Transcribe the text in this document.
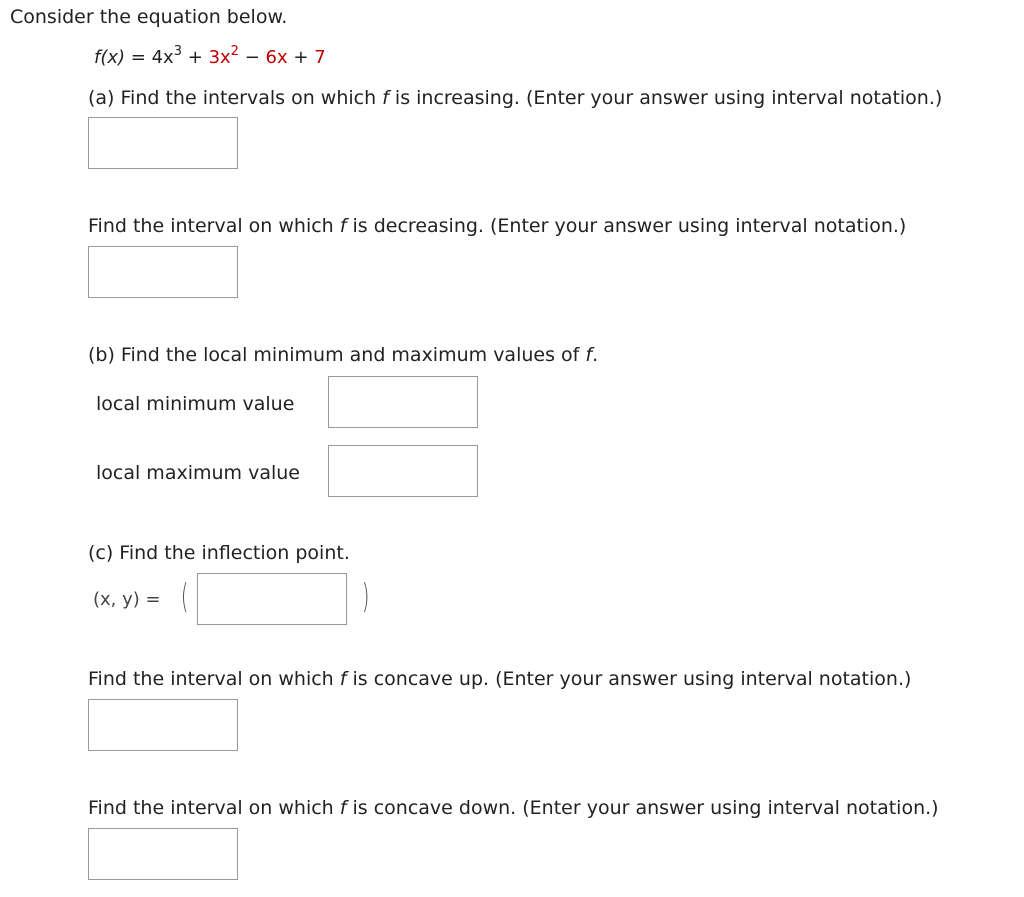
Consider the equation below.
$f(x) = 4x^3 + 3x^2 - 6x + 7$
(a) Find the intervals on which f is increasing. (Enter your answer using interval notation.)
Find the interval on which f is decreasing. (Enter your answer using interval notation.)
(b) Find the local minimum and maximum values of f.
local minimum value
local maximum value
(c) Find the inflection point.
(x, y) = (	)
Find the interval on which f is concave up. (Enter your answer using interval notation.)
Find the interval on which f is concave down. (Enter your answer using interval notation.)
